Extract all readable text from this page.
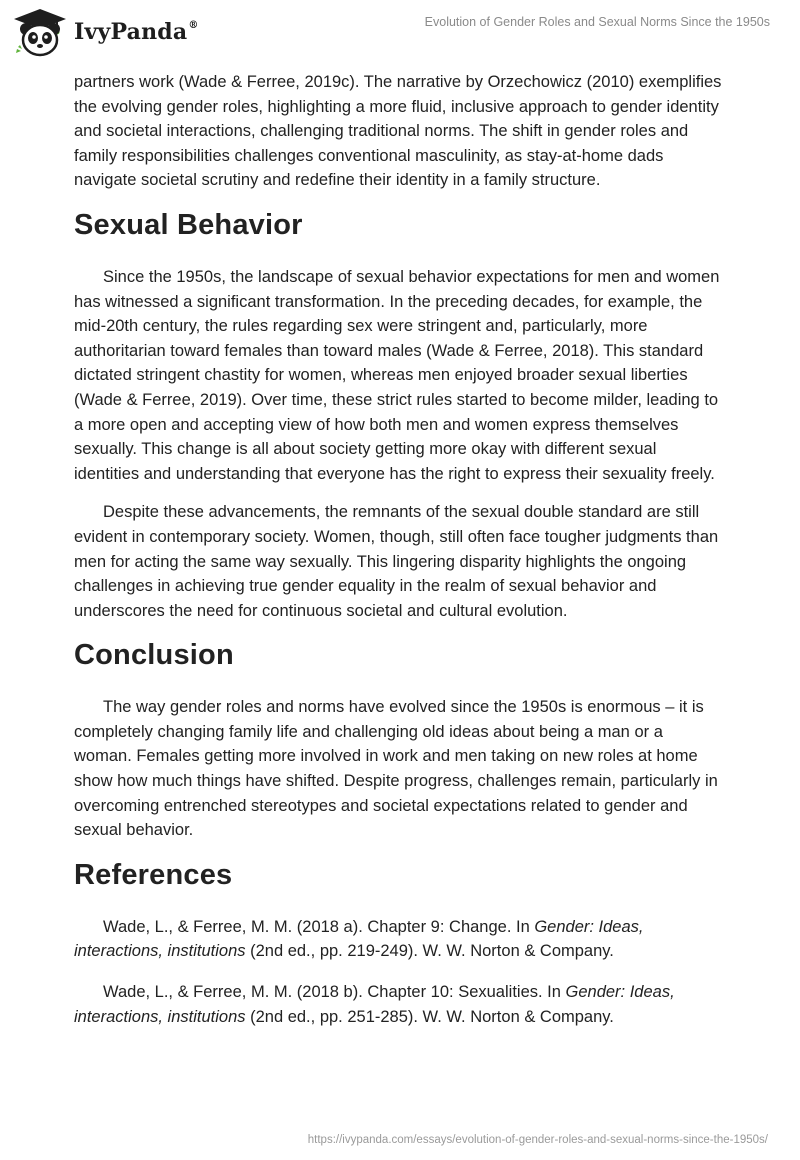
IvyPanda®	Evolution of Gender Roles and Sexual Norms Since the 1950s

partners work (Wade & Ferree, 2019c). The narrative by Orzechowicz (2010) exemplifies the evolving gender roles, highlighting a more fluid, inclusive approach to gender identity and societal interactions, challenging traditional norms. The shift in gender roles and family responsibilities challenges conventional masculinity, as stay-at-home dads navigate societal scrutiny and redefine their identity in a family structure.

Sexual Behavior

Since the 1950s, the landscape of sexual behavior expectations for men and women has witnessed a significant transformation. In the preceding decades, for example, the mid-20th century, the rules regarding sex were stringent and, particularly, more authoritarian toward females than toward males (Wade & Ferree, 2018). This standard dictated stringent chastity for women, whereas men enjoyed broader sexual liberties (Wade & Ferree, 2019). Over time, these strict rules started to become milder, leading to a more open and accepting view of how both men and women express themselves sexually. This change is all about society getting more okay with different sexual identities and understanding that everyone has the right to express their sexuality freely.

Despite these advancements, the remnants of the sexual double standard are still evident in contemporary society. Women, though, still often face tougher judgments than men for acting the same way sexually. This lingering disparity highlights the ongoing challenges in achieving true gender equality in the realm of sexual behavior and underscores the need for continuous societal and cultural evolution.

Conclusion

The way gender roles and norms have evolved since the 1950s is enormous – it is completely changing family life and challenging old ideas about being a man or a woman. Females getting more involved in work and men taking on new roles at home show how much things have shifted. Despite progress, challenges remain, particularly in overcoming entrenched stereotypes and societal expectations related to gender and sexual behavior.

References

Wade, L., & Ferree, M. M. (2018 a). Chapter 9: Change. In Gender: Ideas, interactions, institutions (2nd ed., pp. 219-249). W. W. Norton & Company.

Wade, L., & Ferree, M. M. (2018 b). Chapter 10: Sexualities. In Gender: Ideas, interactions, institutions (2nd ed., pp. 251-285). W. W. Norton & Company.

https://ivypanda.com/essays/evolution-of-gender-roles-and-sexual-norms-since-the-1950s/
